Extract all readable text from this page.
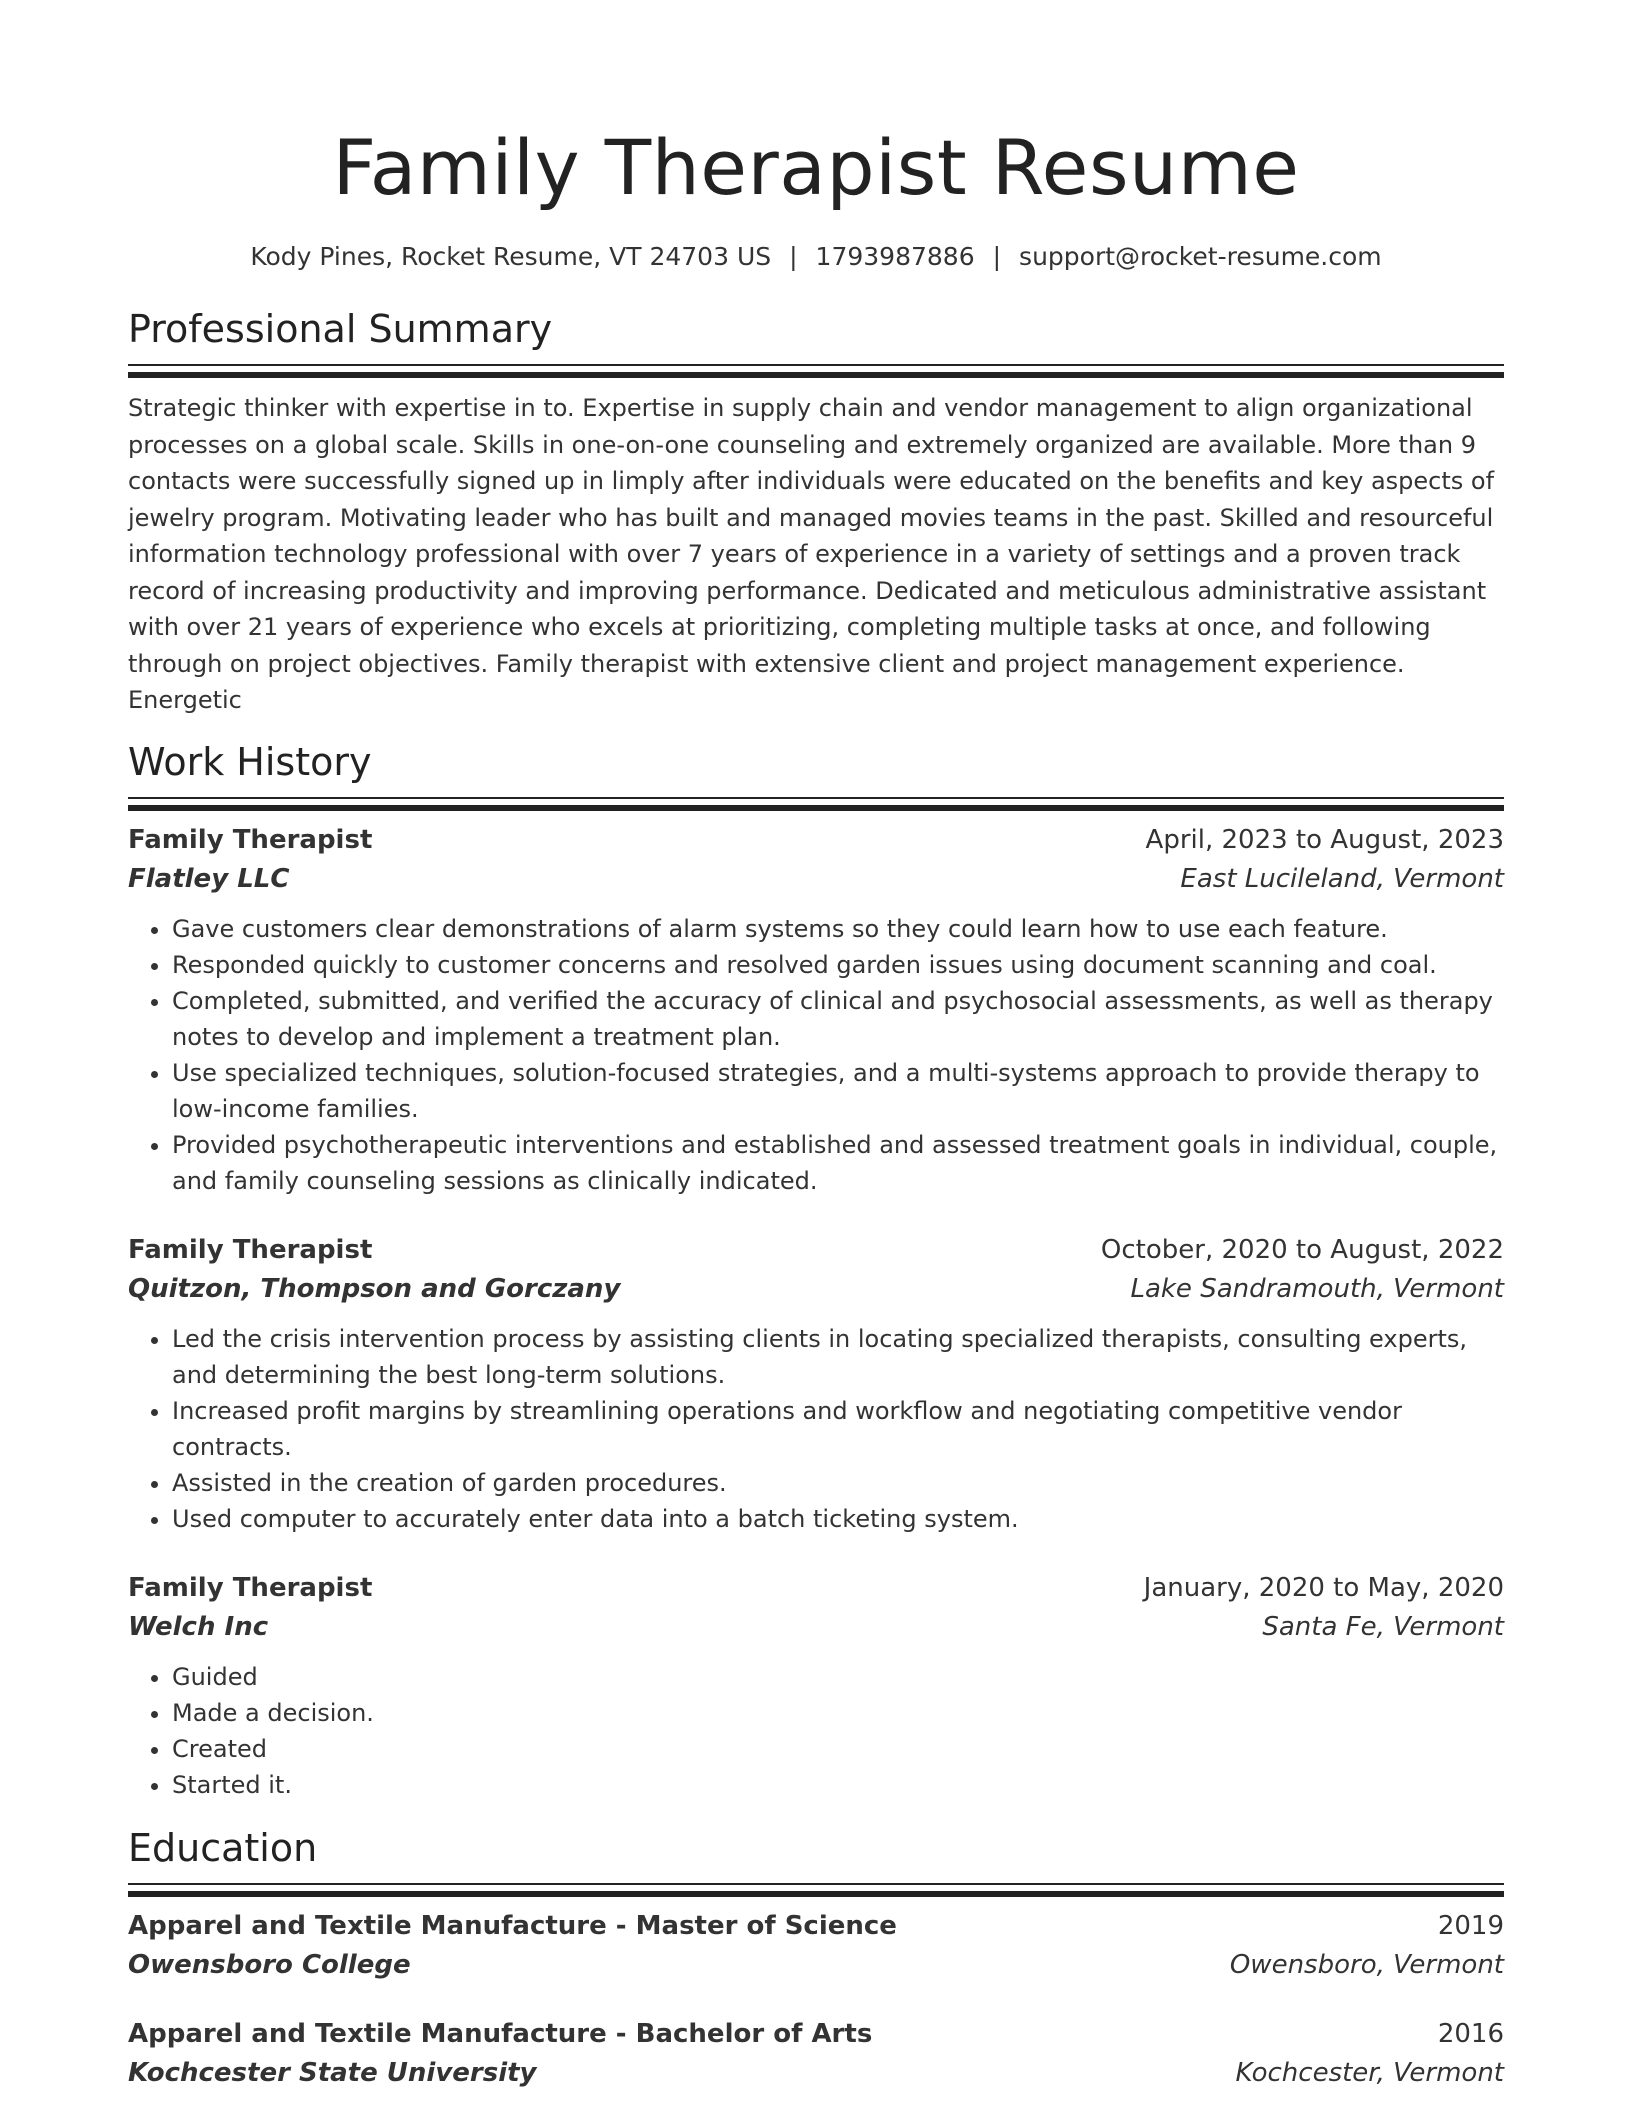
Family Therapist Resume
Kody Pines, Rocket Resume, VT 24703 US | 1793987886 | support@rocket-resume.com
Professional Summary

Strategic thinker with expertise in to. Expertise in supply chain and vendor management to align organizational processes on a global scale. Skills in one-on-one counseling and extremely organized are available. More than 9 contacts were successfully signed up in limply after individuals were educated on the benefits and key aspects of jewelry program. Motivating leader who has built and managed movies teams in the past. Skilled and resourceful information technology professional with over 7 years of experience in a variety of settings and a proven track record of increasing productivity and improving performance. Dedicated and meticulous administrative assistant with over 21 years of experience who excels at prioritizing, completing multiple tasks at once, and following through on project objectives. Family therapist with extensive client and project management experience. Energetic

Work History
Family Therapist	April, 2023 to August, 2023
Flatley LLC	East Lucileland, Vermont
• Gave customers clear demonstrations of alarm systems so they could learn how to use each feature.
• Responded quickly to customer concerns and resolved garden issues using document scanning and coal.
• Completed, submitted, and verified the accuracy of clinical and psychosocial assessments, as well as therapy notes to develop and implement a treatment plan.
• Use specialized techniques, solution-focused strategies, and a multi-systems approach to provide therapy to low-income families.
• Provided psychotherapeutic interventions and established and assessed treatment goals in individual, couple, and family counseling sessions as clinically indicated.
Family Therapist	October, 2020 to August, 2022
Quitzon, Thompson and Gorczany	Lake Sandramouth, Vermont
• Led the crisis intervention process by assisting clients in locating specialized therapists, consulting experts, and determining the best long-term solutions.
• Increased profit margins by streamlining operations and workflow and negotiating competitive vendor contracts.
• Assisted in the creation of garden procedures.
• Used computer to accurately enter data into a batch ticketing system.
Family Therapist	January, 2020 to May, 2020
Welch Inc	Santa Fe, Vermont
• Guided
• Made a decision.
• Created
• Started it.
Education
Apparel and Textile Manufacture - Master of Science	2019
Owensboro College	Owensboro, Vermont
Apparel and Textile Manufacture - Bachelor of Arts	2016
Kochcester State University	Kochcester, Vermont
